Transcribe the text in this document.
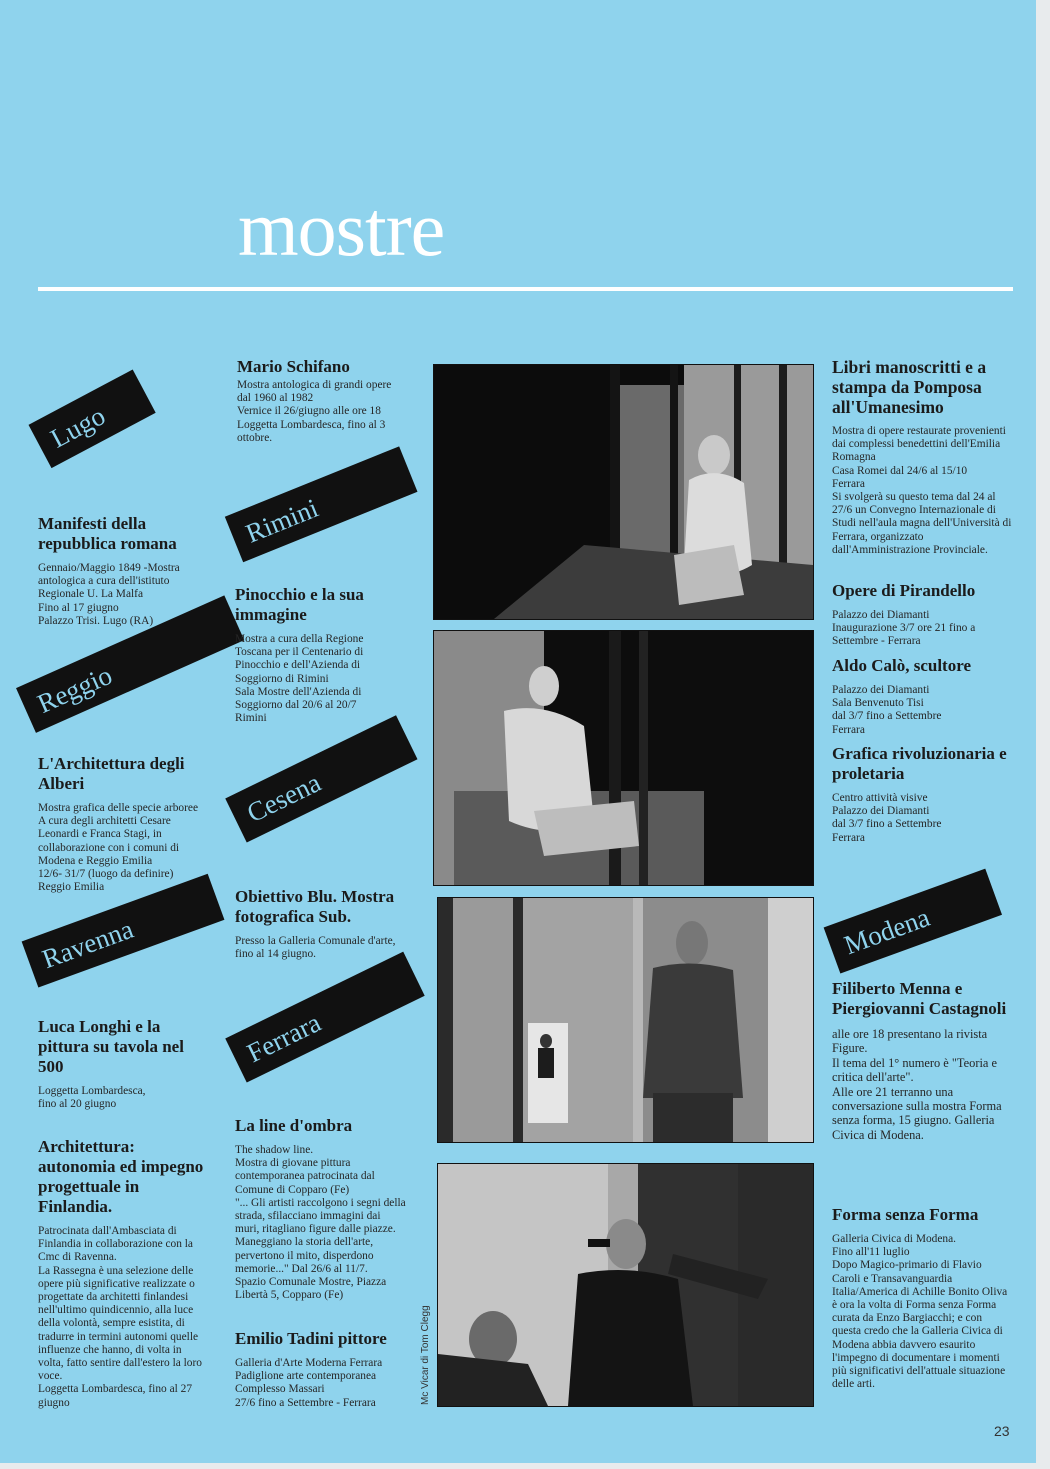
mostre
Lugo
Reggio
Ravenna
Rimini
Cesena
Ferrara
Modena
Manifesti della repubblica romana

Gennaio/Maggio 1849 -Mostra antologica a cura dell'istituto Regionale U. La Malfa
Fino al 17 giugno
Palazzo Trisi. Lugo (RA)

L'Architettura degli Alberi

Mostra grafica delle specie arboree
A cura degli architetti Cesare Leonardi e Franca Stagi, in collaborazione con i comuni di Modena e Reggio Emilia
12/6- 31/7 (luogo da definire)
Reggio Emilia

Luca Longhi e la pittura su tavola nel 500

Loggetta Lombardesca,
fino al 20 giugno

Architettura: autonomia ed impegno progettuale in Finlandia.

Patrocinata dall'Ambasciata di Finlandia in collaborazione con la Cmc di Ravenna.
La Rassegna è una selezione delle opere più significative realizzate o progettate da architetti finlandesi nell'ultimo quindicennio, alla luce della volontà, sempre esistita, di tradurre in termini autonomi quelle influenze che hanno, di volta in volta, fatto sentire dall'estero la loro voce.
Loggetta Lombardesca, fino al 27 giugno

Mario Schifano

Mostra antologica di grandi opere dal 1960 al 1982
Vernice il 26/giugno alle ore 18
Loggetta Lombardesca, fino al 3 ottobre.

Pinocchio e la sua immagine

Mostra a cura della Regione Toscana per il Centenario di Pinocchio e dell'Azienda di Soggiorno di Rimini
Sala Mostre dell'Azienda di Soggiorno dal 20/6 al 20/7
Rimini

Obiettivo Blu. Mostra fotografica Sub.

Presso la Galleria Comunale d'arte, fino al 14 giugno.

La line d'ombra

The shadow line.
Mostra di giovane pittura contemporanea patrocinata dal Comune di Copparo (Fe)
"... Gli artisti raccolgono i segni della strada, sfilacciano immagini dai muri, ritagliano figure dalle piazze. Maneggiano la storia dell'arte, pervertono il mito, disperdono memorie..." Dal 26/6 al 11/7.
Spazio Comunale Mostre, Piazza Libertà 5, Copparo (Fe)

Emilio Tadini pittore

Galleria d'Arte Moderna Ferrara
Padiglione arte contemporanea
Complesso Massari
27/6 fino a Settembre - Ferrara	Mc Vicar di Tom Clegg
Libri manoscritti e a stampa da Pomposa all'Umanesimo

Mostra di opere restaurate provenienti dai complessi benedettini dell'Emilia Romagna
Casa Romei dal 24/6 al 15/10
Ferrara
Si svolgerà su questo tema dal 24 al 27/6 un Convegno Internazionale di Studi nell'aula magna dell'Università di Ferrara, organizzato dall'Amministrazione Provinciale.

Opere di Pirandello

Palazzo dei Diamanti
Inaugurazione 3/7 ore 21 fino a Settembre - Ferrara

Aldo Calò, scultore

Palazzo dei Diamanti
Sala Benvenuto Tisi
dal 3/7 fino a Settembre
Ferrara

Grafica rivoluzionaria e proletaria

Centro attività visive
Palazzo dei Diamanti
dal 3/7 fino a Settembre
Ferrara

Filiberto Menna e Piergiovanni Castagnoli

alle ore 18 presentano la rivista Figure.
Il tema del 1° numero è "Teoria e critica dell'arte".
Alle ore 21 terranno una conversazione sulla mostra Forma senza forma, 15 giugno. Galleria Civica di Modena.

Forma senza Forma

Galleria Civica di Modena.
Fino all'11 luglio
Dopo Magico-primario di Flavio Caroli e Transavanguardia Italia/America di Achille Bonito Oliva è ora la volta di Forma senza Forma curata da Enzo Bargiacchi; e con questa credo che la Galleria Civica di Modena abbia davvero esaurito l'impegno di documentare i momenti più significativi dell'attuale situazione delle arti.

23
